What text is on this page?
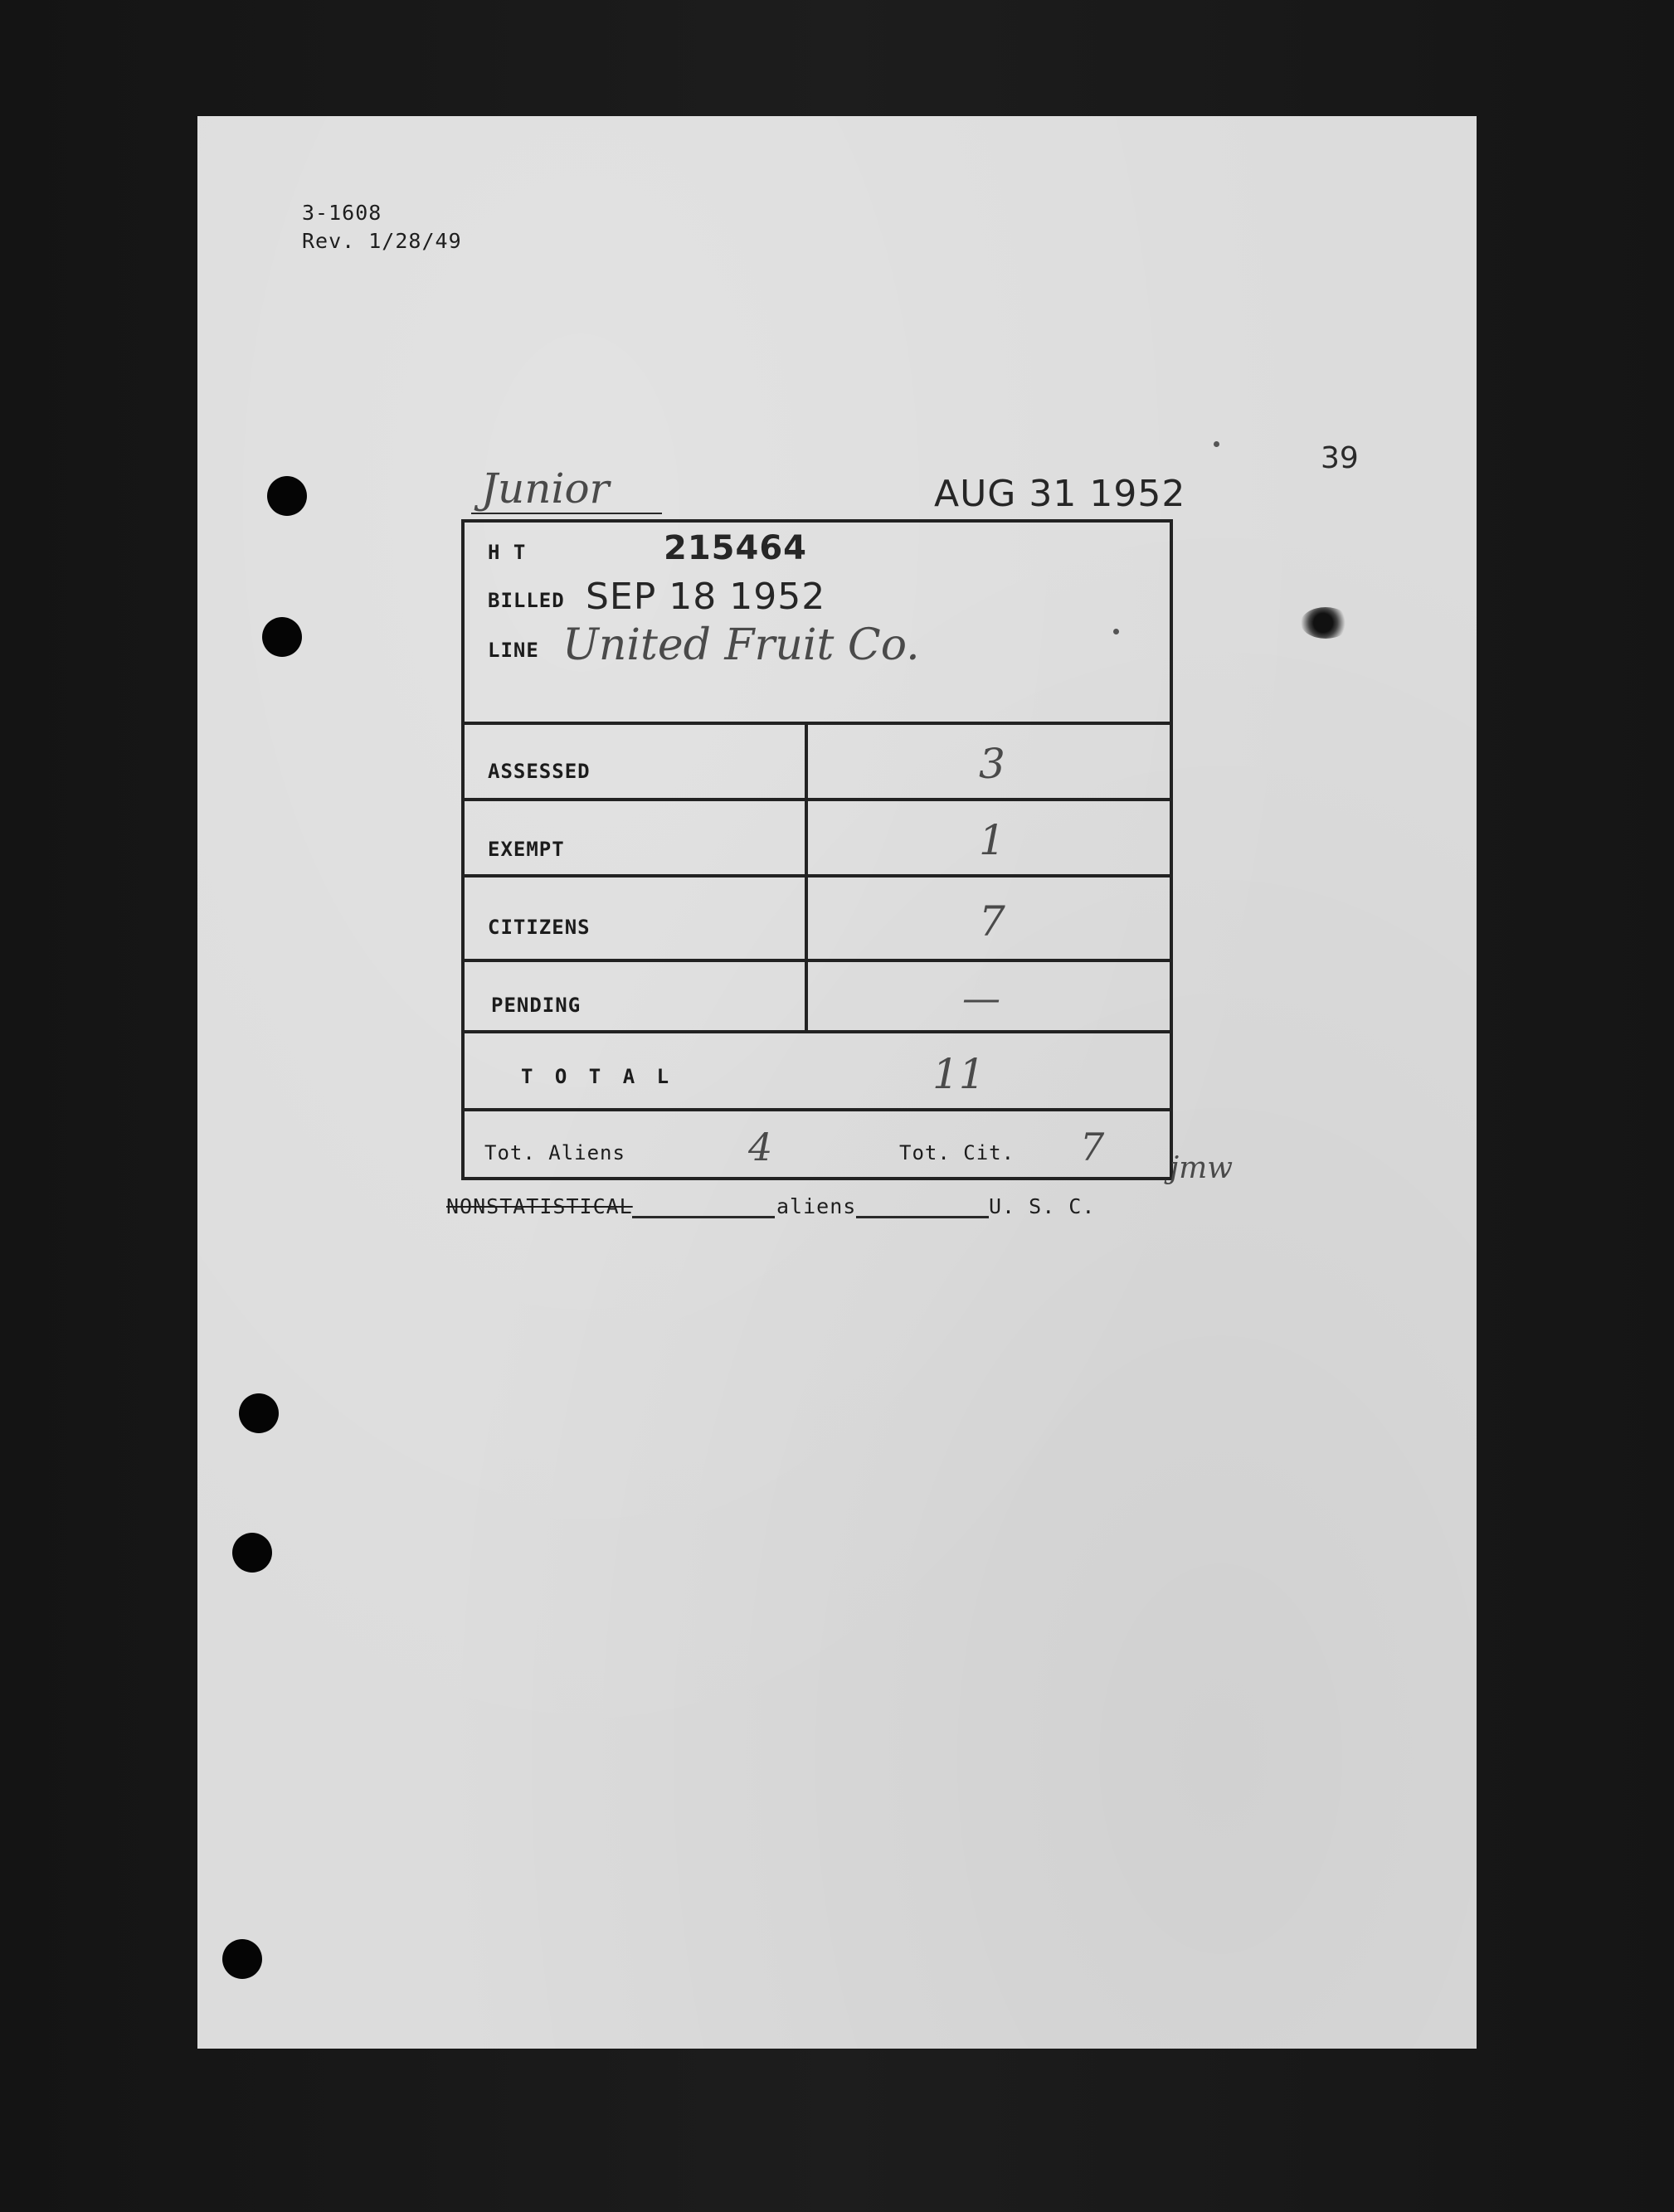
3-1608
Rev. 1/28/49
39
Junior	AUG 31 1952
H T	215464
BILLED SEP 18 1952
LINE United Fruit Co.
ASSESSED	3
EXEMPT	1
CITIZENS	7
PENDING	—
T O T A L	11
Tot. Aliens	4	Tot. Cit. 7 jmw
NONSTATISTICAL	aliens	U. S. C.
